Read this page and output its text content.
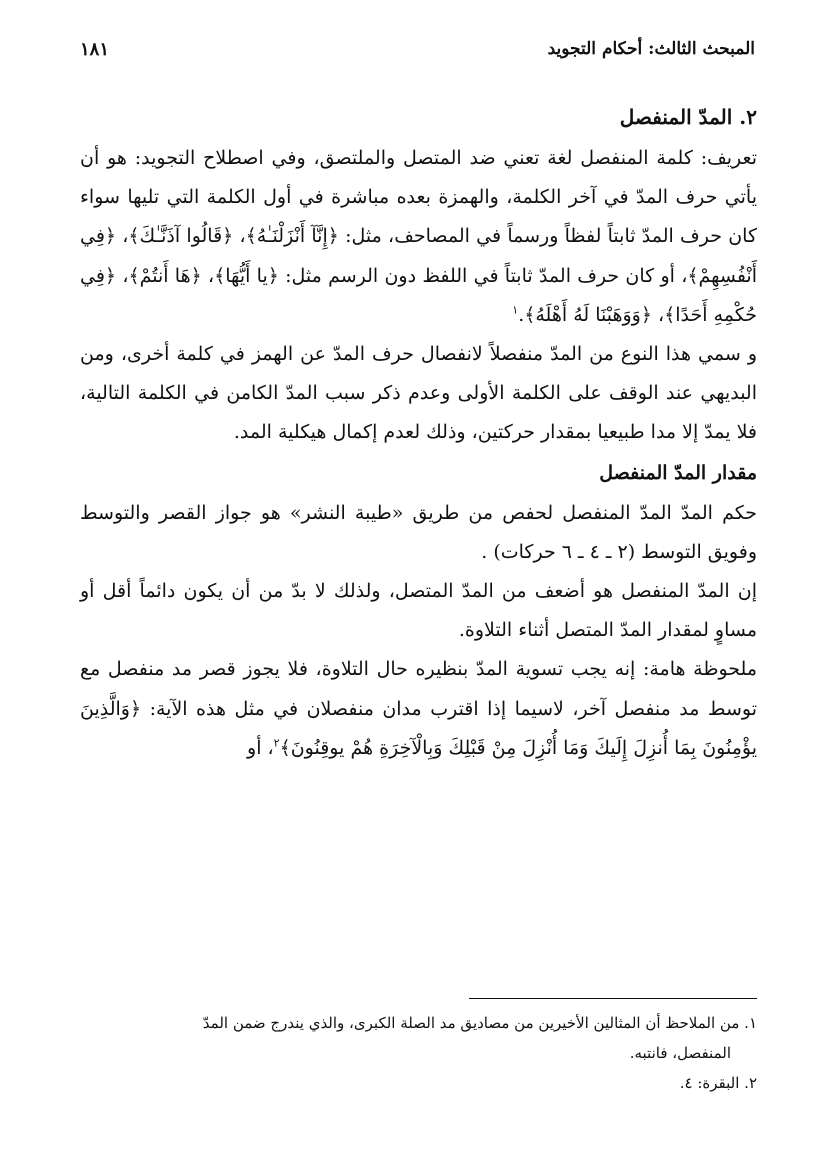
المبحث الثالث: أحكام التجويد
١٨١
٢. المدّ المنفصل

تعريف: كلمة المنفصل لغة تعني ضد المتصل والملتصق، وفي اصطلاح التجويد: هو أن يأتي حرف المدّ في آخر الكلمة، والهمزة بعده مباشرة في أول الكلمة التي تليها سواء كان حرف المدّ ثابتاً لفظاً ورسماً في المصاحف، مثل: ﴿إِنَّآ أَنْزَلْنَـٰهُ﴾، ﴿قَالُوا آذَنَّـٰكَ﴾، ﴿فِي أَنْفُسِهِمْ﴾، أو كان حرف المدّ ثابتاً في اللفظ دون الرسم مثل: ﴿يا أَيُّهَا﴾، ﴿هَا أَنتُمْ﴾، ﴿فِي حُكْمِهِ أَحَدًا﴾، ﴿وَوَهَبْنَا لَهُ أَهْلَهُ﴾.$^١$

و سمي هذا النوع من المدّ منفصلاً لانفصال حرف المدّ عن الهمز في كلمة أخرى، ومن البديهي عند الوقف على الكلمة الأولى وعدم ذكر سبب المدّ الكامن في الكلمة التالية، فلا يمدّ إلا مدا طبيعيا بمقدار حركتين، وذلك لعدم إكمال هيكلية المد.

مقدار المدّ المنفصل

حكم المدّ المدّ المنفصل لحفص من طريق «طيبة النشر» هو جواز القصر والتوسط وفويق التوسط (٢ ـ ٤ ـ ٦ حركات) .

إن المدّ المنفصل هو أضعف من المدّ المتصل، ولذلك لا بدّ من أن يكون دائماً أقل أو مساوٍ لمقدار المدّ المتصل أثناء التلاوة.

ملحوظة هامة: إنه يجب تسوية المدّ بنظيره حال التلاوة، فلا يجوز قصر مد منفصل مع توسط مد منفصل آخر، لاسيما إذا اقترب مدان منفصلان في مثل هذه الآية: ﴿وَالَّذِينَ يؤْمِنُونَ بِمَا أُنزِلَ إِلَيكَ وَمَا أُنْزِلَ مِنْ قَبْلِكَ وَبِالْآخِرَةِ هُمْ يوقِنُونَ﴾$^٢$، أو

١. من الملاحظ أن المثالين الأخيرين من مصاديق مد الصلة الكبرى، والذي يندرج ضمن المدّ

المنفصل، فانتبه.

٢. البقرة: ٤.
